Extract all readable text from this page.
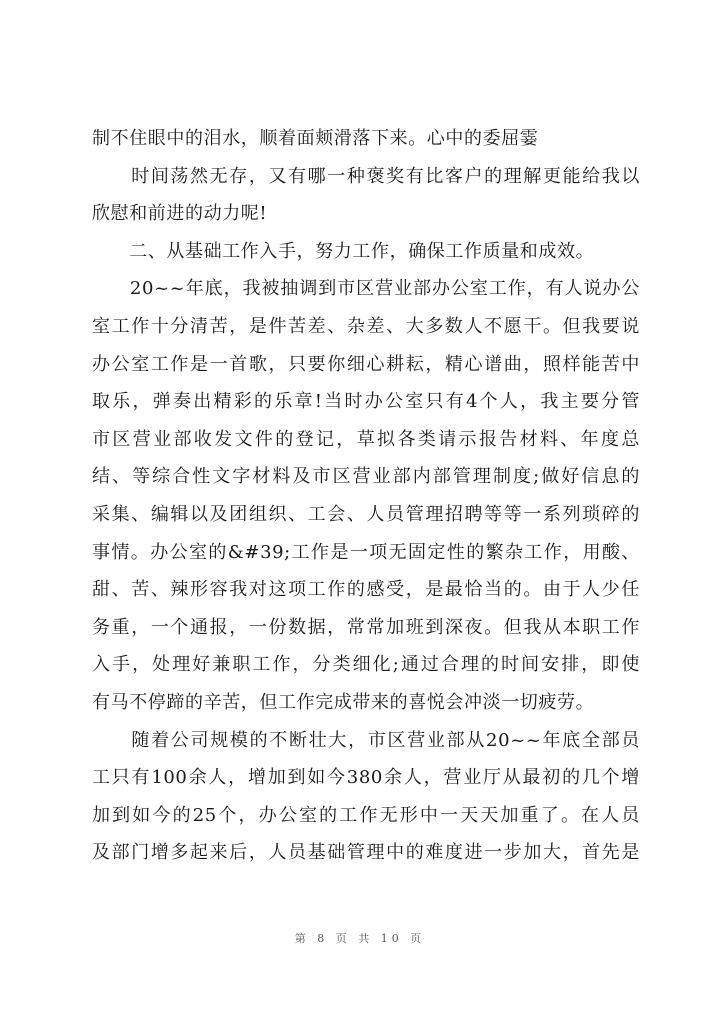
制不住眼中的泪水，顺着面颊滑落下来。心中的委屈霎
　　时间荡然无存，又有哪一种褒奖有比客户的理解更能给我以
欣慰和前进的动力呢!
　　二、从基础工作入手，努力工作，确保工作质量和成效。
　　20~~年底，我被抽调到市区营业部办公室工作，有人说办公
室工作十分清苦，是件苦差、杂差、大多数人不愿干。但我要说
办公室工作是一首歌，只要你细心耕耘，精心谱曲，照样能苦中
取乐，弹奏出精彩的乐章!当时办公室只有4个人，我主要分管
市区营业部收发文件的登记，草拟各类请示报告材料、年度总
结、等综合性文字材料及市区营业部内部管理制度;做好信息的
采集、编辑以及团组织、工会、人员管理招聘等等一系列琐碎的
事情。办公室的&#39;工作是一项无固定性的繁杂工作，用酸、
甜、苦、辣形容我对这项工作的感受，是最恰当的。由于人少任
务重，一个通报，一份数据，常常加班到深夜。但我从本职工作
入手，处理好兼职工作，分类细化;通过合理的时间安排，即使
有马不停蹄的辛苦，但工作完成带来的喜悦会冲淡一切疲劳。
　　随着公司规模的不断壮大，市区营业部从20~~年底全部员
工只有100余人，增加到如今380余人，营业厅从最初的几个增
加到如今的25个，办公室的工作无形中一天天加重了。在人员
及部门增多起来后，人员基础管理中的难度进一步加大，首先是
第 8 页 共 10 页
